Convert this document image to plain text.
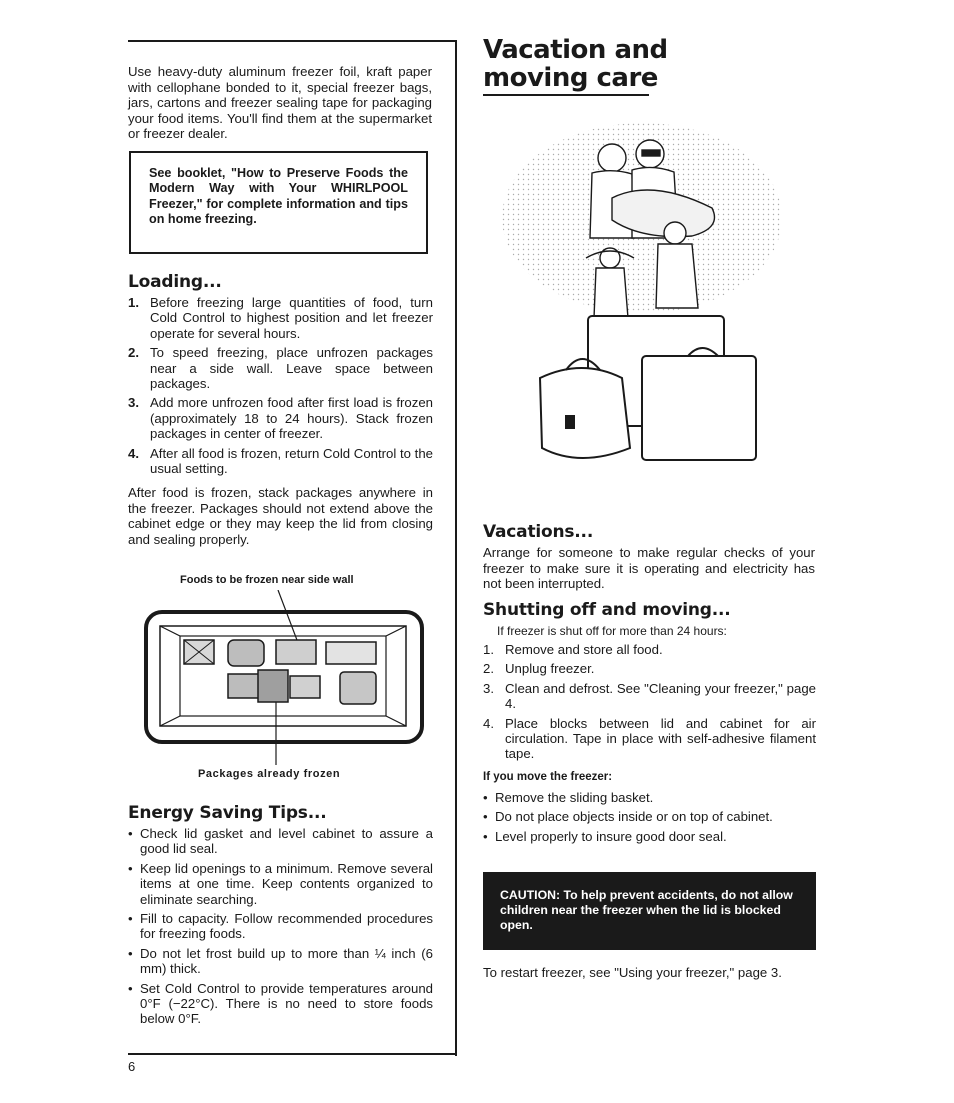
6

Use heavy-duty aluminum freezer foil, kraft paper with cellophane bonded to it, special freezer bags, jars, cartons and freezer sealing tape for packaging your food items. You'll find them at the supermarket or freezer dealer.

See booklet, "How to Preserve Foods the Modern Way with Your WHIRLPOOL Freezer," for complete information and tips on home freezing.
Loading...
1. Before freezing large quantities of food, turn Cold Control to highest position and let freezer operate for several hours.
2. To speed freezing, place unfrozen packages near a side wall. Leave space between packages.
3. Add more unfrozen food after first load is frozen (approximately 18 to 24 hours). Stack frozen packages in center of freezer.
4. After all food is frozen, return Cold Control to the usual setting.

After food is frozen, stack packages anywhere in the freezer. Packages should not extend above the cabinet edge or they may keep the lid from closing and sealing properly.

Foods to be frozen near side wall
Packages already frozen
Energy Saving Tips...
• Check lid gasket and level cabinet to assure a good lid seal.
• Keep lid openings to a minimum. Remove several items at one time. Keep contents organized to eliminate searching.
• Fill to capacity. Follow recommended procedures for freezing foods.
• Do not let frost build up to more than ¼ inch (6 mm) thick.
• Set Cold Control to provide temperatures around 0°F (−22°C). There is no need to store foods below 0°F.
Vacation and
moving care
Vacations...

Arrange for someone to make regular checks of your freezer to make sure it is operating and electricity has not been interrupted.

Shutting off and moving...
If freezer is shut off for more than 24 hours:
1. Remove and store all food.
2. Unplug freezer.
3. Clean and defrost. See "Cleaning your freezer," page 4.
4. Place blocks between lid and cabinet for air circulation. Tape in place with self-adhesive filament tape.
If you move the freezer:
• Remove the sliding basket.
• Do not place objects inside or on top of cabinet.
• Level properly to insure good door seal.
CAUTION: To help prevent accidents, do not allow children near the freezer when the lid is blocked open.
To restart freezer, see "Using your freezer," page 3.
